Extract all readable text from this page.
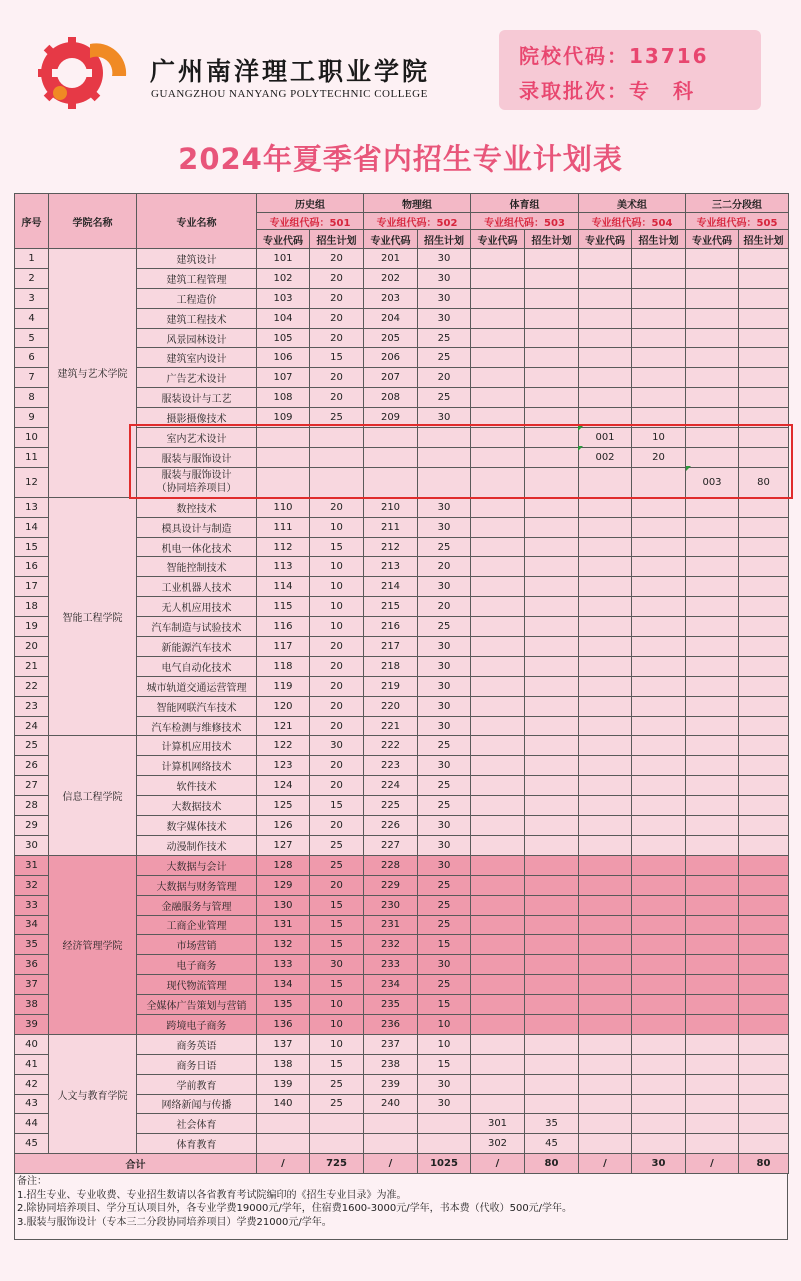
广州南洋理工职业学院
GUANGZHOU NANYANG POLYTECHNIC COLLEGE
院校代码：13716
录取批次：专　科
2024年夏季省内招生专业计划表
序号	学院名称	专业名称	历史组		物理组		体育组		美术组		三二分段组	
			专业组代码：501		专业组代码：502		专业组代码：503		专业组代码：504		专业组代码：505	
			专业代码	招生计划	专业代码	招生计划	专业代码	招生计划	专业代码	招生计划	专业代码	招生计划
1	建筑与艺术学院	建筑设计	101	20	201	30						
2		建筑工程管理	102	20	202	30						
3		工程造价	103	20	203	30						
4		建筑工程技术	104	20	204	30						
5		风景园林设计	105	20	205	25						
6		建筑室内设计	106	15	206	25						
7		广告艺术设计	107	20	207	20						
8		服装设计与工艺	108	20	208	25						
9		摄影摄像技术	109	25	209	30						
10		室内艺术设计							001	10		
11		服装与服饰设计							002	20		
12		服装与服饰设计
（协同培养项目）									003	80
13	智能工程学院	数控技术	110	20	210	30						
14		模具设计与制造	111	10	211	30						
15		机电一体化技术	112	15	212	25						
16		智能控制技术	113	10	213	20						
17		工业机器人技术	114	10	214	30						
18		无人机应用技术	115	10	215	20						
19		汽车制造与试验技术	116	10	216	25						
20		新能源汽车技术	117	20	217	30						
21		电气自动化技术	118	20	218	30						
22		城市轨道交通运营管理	119	20	219	30						
23		智能网联汽车技术	120	20	220	30						
24		汽车检测与维修技术	121	20	221	30						
25	信息工程学院	计算机应用技术	122	30	222	25						
26		计算机网络技术	123	20	223	30						
27		软件技术	124	20	224	25						
28		大数据技术	125	15	225	25						
29		数字媒体技术	126	20	226	30						
30		动漫制作技术	127	25	227	30						
31	经济管理学院	大数据与会计	128	25	228	30						
32		大数据与财务管理	129	20	229	25						
33		金融服务与管理	130	15	230	25						
34		工商企业管理	131	15	231	25						
35		市场营销	132	15	232	15						
36		电子商务	133	30	233	30						
37		现代物流管理	134	15	234	25						
38		全媒体广告策划与营销	135	10	235	15						
39		跨境电子商务	136	10	236	10						
40	人文与教育学院	商务英语	137	10	237	10						
41		商务日语	138	15	238	15						
42		学前教育	139	25	239	30						
43		网络新闻与传播	140	25	240	30						
44		社会体育					301	35				
45		体育教育					302	45				
合计			/	725	/	1025	/	80	/	30	/	80
备注：
1.招生专业、专业收费、专业招生数请以各省教育考试院编印的《招生专业目录》为准。
2.除协同培养项目、学分互认项目外，各专业学费19000元/学年，住宿费1600-3000元/学年，书本费（代收）500元/学年。
3.服装与服饰设计（专本三二分段协同培养项目）学费21000元/学年。
